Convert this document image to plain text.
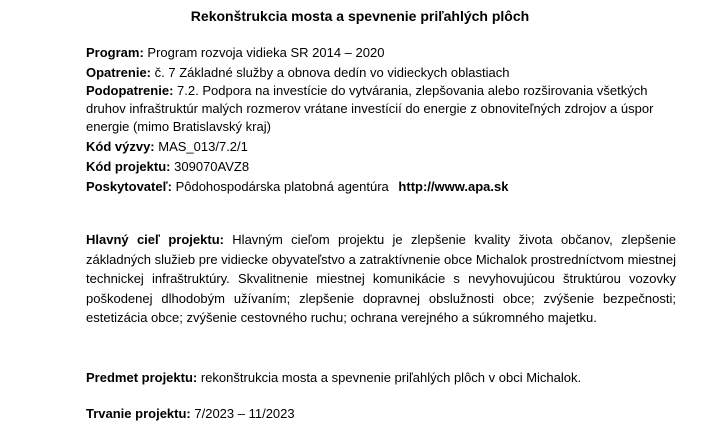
Rekonštrukcia mosta a spevnenie priľahlých plôch
Program: Program rozvoja vidieka SR 2014 – 2020
Opatrenie: č. 7 Základné služby a obnova dedín vo vidieckych oblastiach
Podopatrenie: 7.2. Podpora na investície do vytvárania, zlepšovania alebo rozširovania všetkých druhov infraštruktúr malých rozmerov vrátane investícií do energie z obnoviteľných zdrojov a úspor energie (mimo Bratislavský kraj)
Kód výzvy: MAS_013/7.2/1
Kód projektu: 309070AVZ8
Poskytovateľ: Pôdohospodárska platobná agentúra http://www.apa.sk

Hlavný cieľ projektu: Hlavným cieľom projektu je zlepšenie kvality života občanov, zlepšenie základných služieb pre vidiecke obyvateľstvo a zatraktívnenie obce Michalok prostredníctvom miestnej technickej infraštruktúry. Skvalitnenie miestnej komunikácie s nevyhovujúcou štruktúrou vozovky poškodenej dlhodobým užívaním; zlepšenie dopravnej obslužnosti obce; zvýšenie bezpečnosti; estetizácia obce; zvýšenie cestovného ruchu; ochrana verejného a súkromného majetku.

Predmet projektu: rekonštrukcia mosta a spevnenie priľahlých plôch v obci Michalok.
Trvanie projektu: 7/2023 – 11/2023
